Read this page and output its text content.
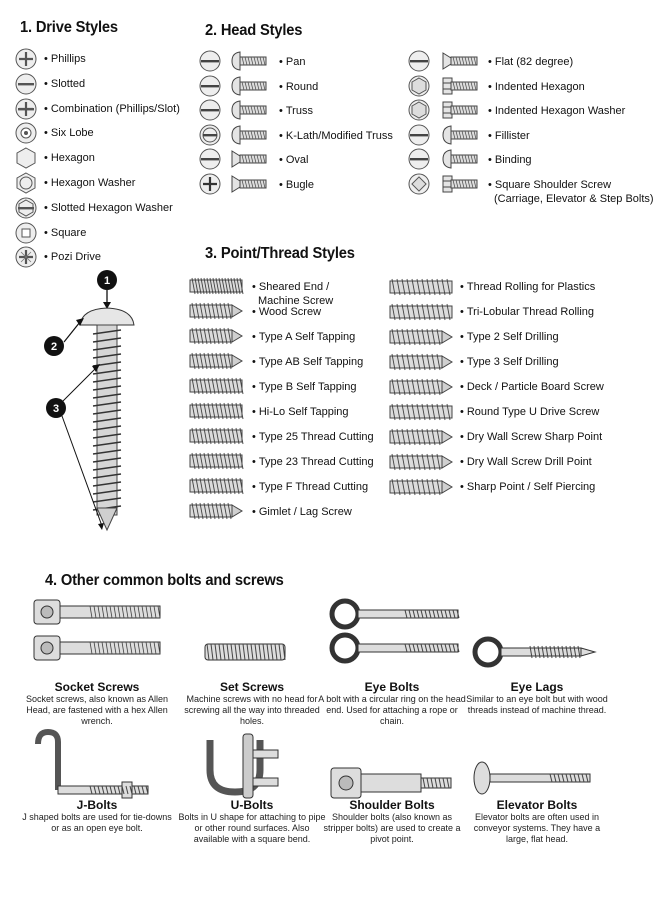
1. Drive Styles
• Phillips
• Slotted
• Combination (Phillips/Slot)
• Six Lobe
• Hexagon
• Hexagon Washer
• Slotted Hexagon Washer
• Square
• Pozi Drive
2. Head Styles
• Pan
• Round
• Truss
• K-Lath/Modified Truss
• Oval
• Bugle
• Flat (82 degree)
• Indented Hexagon
• Indented Hexagon Washer
• Fillister
• Binding
• Square Shoulder Screw
(Carriage, Elevator & Step Bolts)
3. Point/Thread Styles
1
2
3
• Sheared End /
Machine Screw
• Wood Screw
• Type A Self Tapping
• Type AB Self Tapping
• Type B Self Tapping
• Hi-Lo Self Tapping
• Type 25 Thread Cutting
• Type 23 Thread Cutting
• Type F Thread Cutting
• Gimlet / Lag Screw
• Thread Rolling for Plastics
• Tri-Lobular Thread Rolling
• Type 2 Self Drilling
• Type 3 Self Drilling
• Deck / Particle Board Screw
• Round Type U Drive Screw
• Dry Wall Screw Sharp Point
• Dry Wall Screw Drill Point
• Sharp Point / Self Piercing
4. Other common bolts and screws
Socket Screws
Socket screws, also known as Allen Head, are fastened with a hex Allen wrench.
Set Screws
Machine screws with no head for screwing all the way into threaded holes.
Eye Bolts
A bolt with a circular ring on the head end. Used for attaching a rope or chain.
Eye Lags
Similar to an eye bolt but with wood threads instead of machine thread.
J-Bolts
J shaped bolts are used for tie-downs or as an open eye bolt.
U-Bolts
Bolts in U shape for attaching to pipe or other round surfaces. Also available with a square bend.
Shoulder Bolts
Shoulder bolts (also known as stripper bolts) are used to create a pivot point.
Elevator Bolts
Elevator bolts are often used in conveyor systems. They have a large, flat head.
